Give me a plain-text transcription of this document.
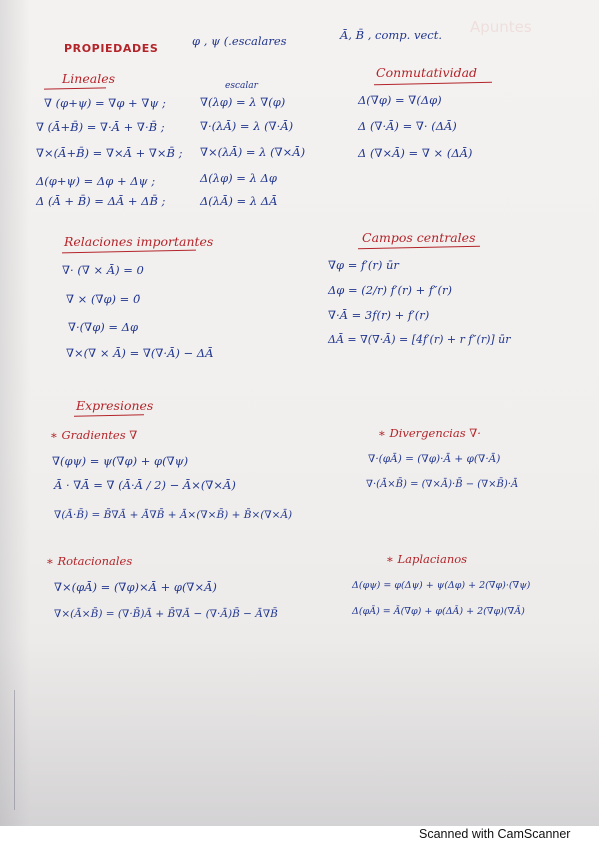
Apuntes
PROPIEDADES
φ , ψ (.escalares	Ā, B̄ , comp. vect.
Lineales	escalar
∇ (φ+ψ) = ∇φ + ∇ψ ;
∇ (Ā+B̄) = ∇·Ā + ∇·B̄ ;
∇×(Ā+B̄) = ∇×Ā + ∇×B̄ ;
Δ(φ+ψ) = Δφ + Δψ ;
Δ (Ā + B̄) = ΔĀ + ΔB̄ ;
∇(λφ) = λ ∇(φ)
∇·(λĀ) = λ (∇·Ā)
∇×(λĀ) = λ (∇×Ā)
Δ(λφ) = λ Δφ
Δ(λĀ) = λ ΔĀ
Conmutatividad
Δ(∇φ) = ∇(Δφ)
Δ (∇·Ā) = ∇· (ΔĀ)
Δ (∇×Ā) = ∇ × (ΔĀ)
Relaciones importantes
∇· (∇ × Ā) = 0
∇ × (∇φ) = 0̄
∇·(∇φ) = Δφ
∇×(∇ × Ā) = ∇(∇·Ā) − ΔĀ
Campos centrales
∇φ = f′(r) ūr
Δφ = (2/r) f′(r) + f″(r)
∇·Ā = 3f(r) + f′(r)
ΔĀ = ∇(∇·Ā) = [4f′(r) + r f″(r)] ūr
Expresiones
∗ Gradientes ∇
∇(φψ) = ψ(∇φ) + φ(∇ψ)
Ā · ∇Ā = ∇ (Ā·Ā / 2) − Ā×(∇×Ā)
∇(Ā·B̄) = B̄∇Ā + Ā∇B̄ + Ā×(∇×B̄) + B̄×(∇×Ā)
∗ Divergencias ∇·
∇·(φĀ) = (∇φ)·Ā + φ(∇·Ā)
∇·(Ā×B̄) = (∇×Ā)·B̄ − (∇×B̄)·Ā
∗ Rotacionales
∇×(φĀ) = (∇φ)×Ā + φ(∇×Ā)
∇×(Ā×B̄) = (∇·B̄)Ā + B̄∇Ā − (∇·Ā)B̄ − Ā∇B̄
∗ Laplacianos
Δ(φψ) = φ(Δψ) + ψ(Δφ) + 2(∇φ)·(∇ψ)
Δ(φĀ) = Ā(∇φ) + φ(ΔĀ) + 2(∇φ)(∇Ā)
Scanned with CamScanner
